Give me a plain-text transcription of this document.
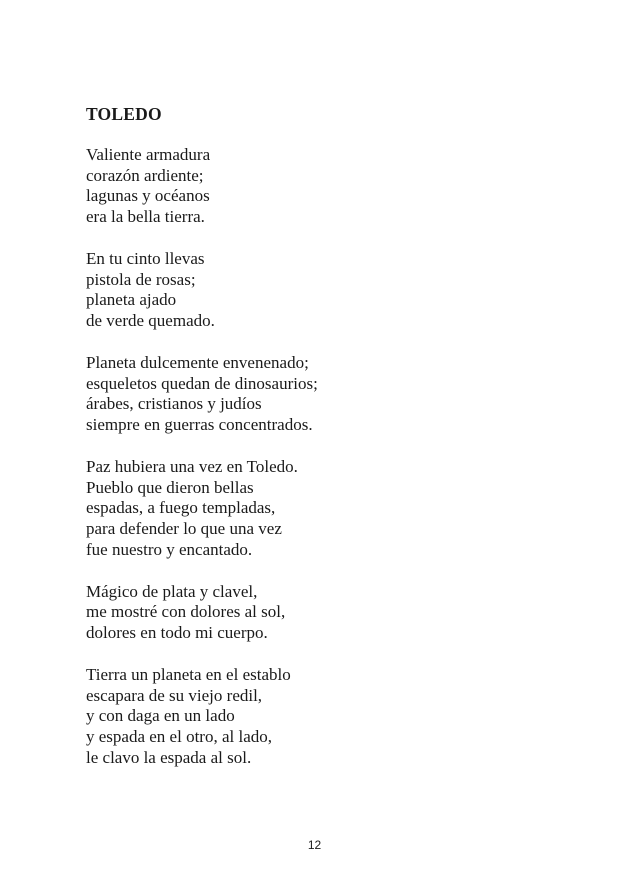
TOLEDO
Valiente armadura
corazón ardiente;
lagunas y océanos
era la bella tierra.
En tu cinto llevas
pistola de rosas;
planeta ajado
de verde quemado.
Planeta dulcemente envenenado;
esqueletos quedan de dinosaurios;
árabes, cristianos y judíos
siempre en guerras concentrados.
Paz hubiera una vez en Toledo.
Pueblo que dieron bellas
espadas, a fuego templadas,
para defender lo que una vez
fue nuestro y encantado.
Mágico de plata y clavel,
me mostré con dolores al sol,
dolores en todo mi cuerpo.
Tierra un planeta en el establo
escapara de su viejo redil,
y con daga en un lado
y espada en el otro, al lado,
le clavo la espada al sol.
12
